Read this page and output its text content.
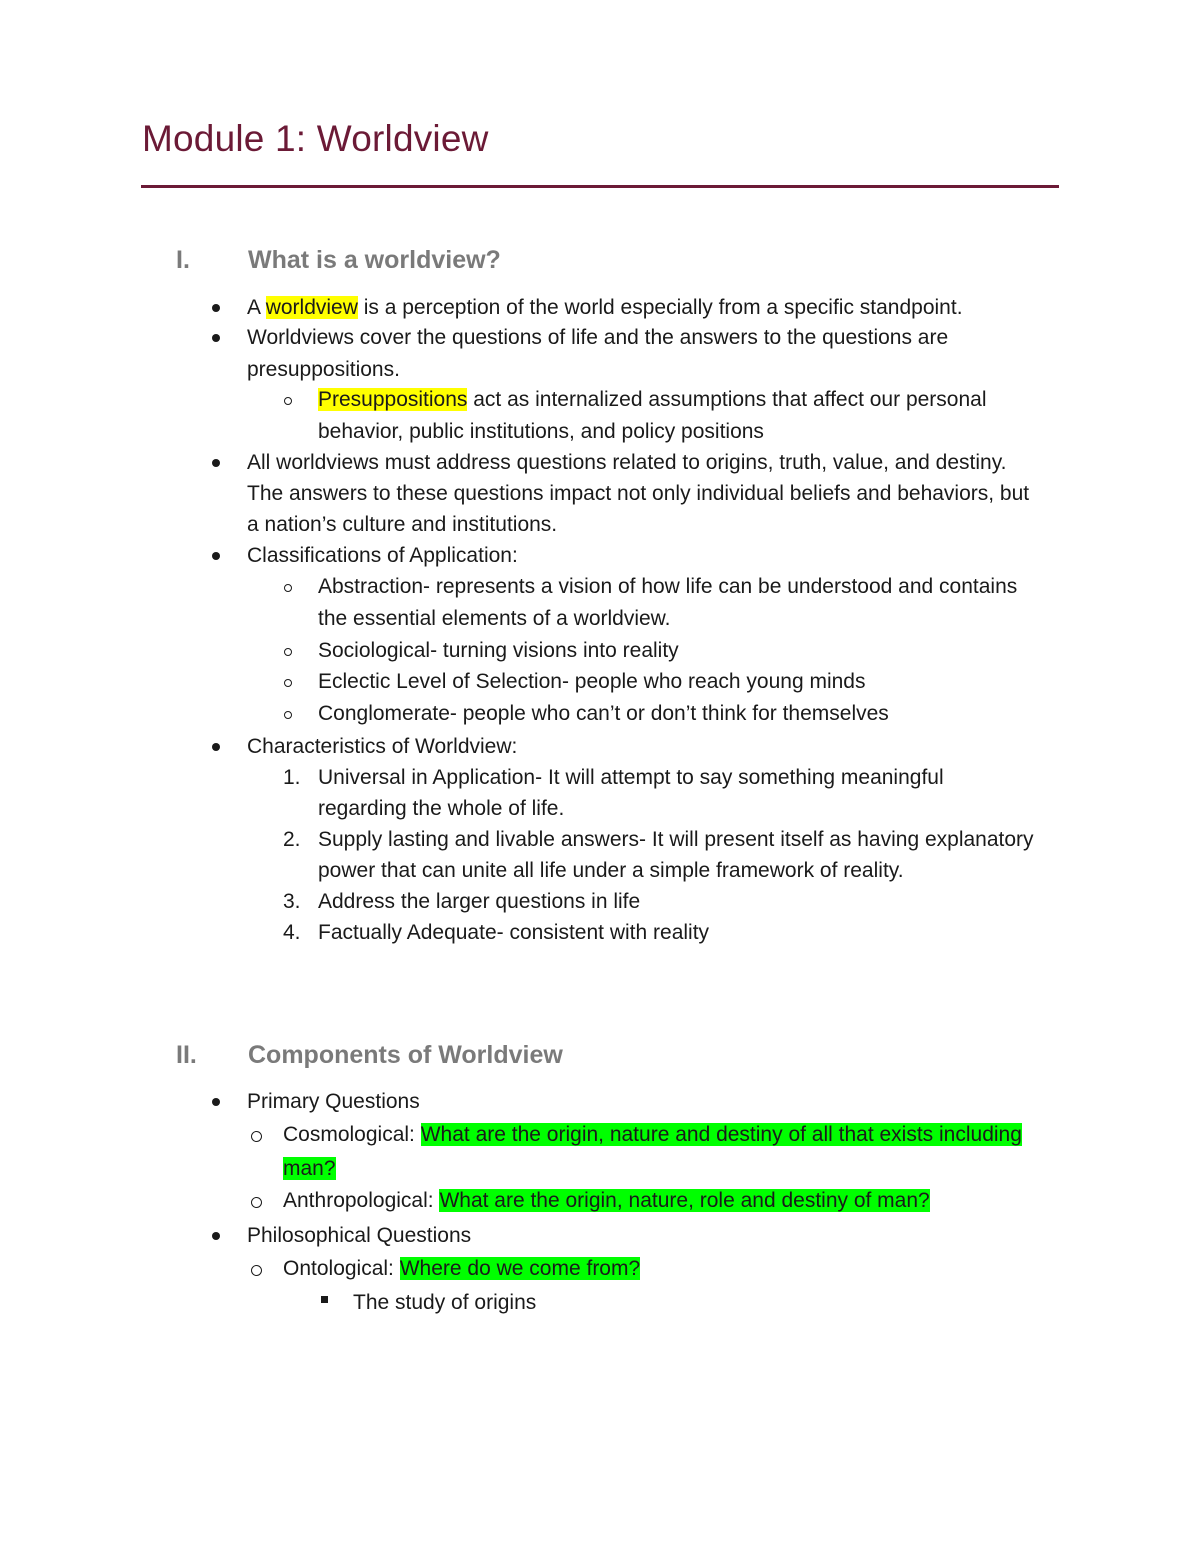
Module 1: Worldview
I. What is a worldview?
A worldview is a perception of the world especially from a specific standpoint.
Worldviews cover the questions of life and the answers to the questions are
presuppositions.
Presuppositions act as internalized assumptions that affect our personal
behavior, public institutions, and policy positions
All worldviews must address questions related to origins, truth, value, and destiny.
The answers to these questions impact not only individual beliefs and behaviors, but
a nation’s culture and institutions.
Classifications of Application:
Abstraction- represents a vision of how life can be understood and contains
the essential elements of a worldview.
Sociological- turning visions into reality
Eclectic Level of Selection- people who reach young minds
Conglomerate- people who can’t or don’t think for themselves
Characteristics of Worldview:
1. Universal in Application- It will attempt to say something meaningful
regarding the whole of life.
2. Supply lasting and livable answers- It will present itself as having explanatory
power that can unite all life under a simple framework of reality.
3. Address the larger questions in life
4. Factually Adequate- consistent with reality
II. Components of Worldview
Primary Questions
Cosmological: What are the origin, nature and destiny of all that exists including
man?
Anthropological: What are the origin, nature, role and destiny of man?
Philosophical Questions
Ontological: Where do we come from?
The study of origins
